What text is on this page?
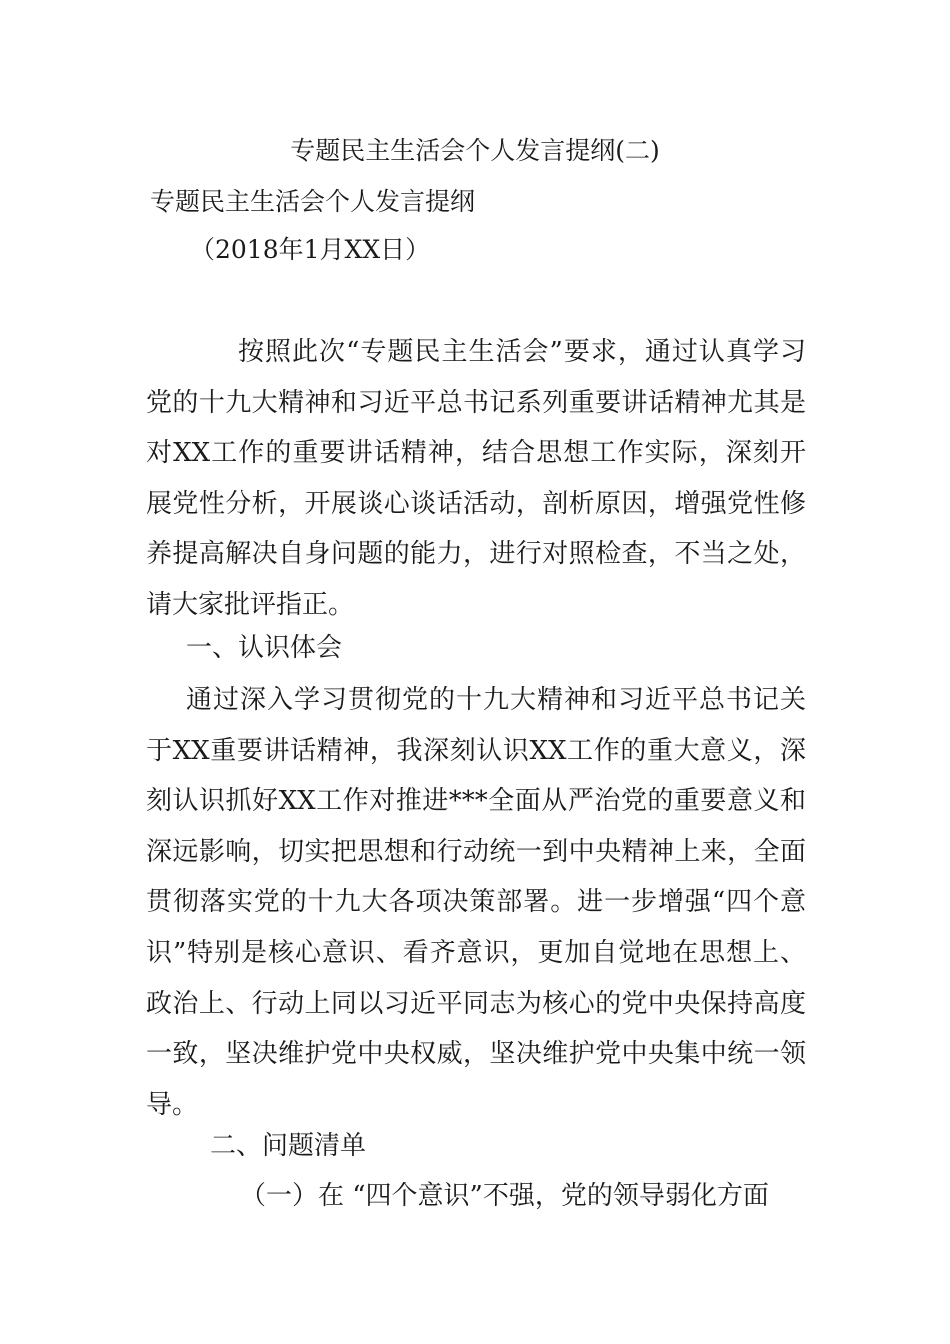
专题民主生活会个人发言提纲(二)
专题民主生活会个人发言提纲
（2018年1月XX日）
按照此次“专题民主生活会”要求，通过认真学习党的十九大精神和习近平总书记系列重要讲话精神尤其是对XX工作的重要讲话精神，结合思想工作实际，深刻开展党性分析，开展谈心谈话活动，剖析原因，增强党性修养提高解决自身问题的能力，进行对照检查，不当之处，请大家批评指正。
一、认识体会
通过深入学习贯彻党的十九大精神和习近平总书记关于XX重要讲话精神，我深刻认识XX工作的重大意义，深刻认识抓好XX工作对推进***全面从严治党的重要意义和深远影响，切实把思想和行动统一到中央精神上来，全面贯彻落实党的十九大各项决策部署。进一步增强“四个意识”特别是核心意识、看齐意识，更加自觉地在思想上、政治上、行动上同以习近平同志为核心的党中央保持高度一致，坚决维护党中央权威，坚决维护党中央集中统一领导。
二、问题清单
（一）在 “四个意识”不强，党的领导弱化方面
